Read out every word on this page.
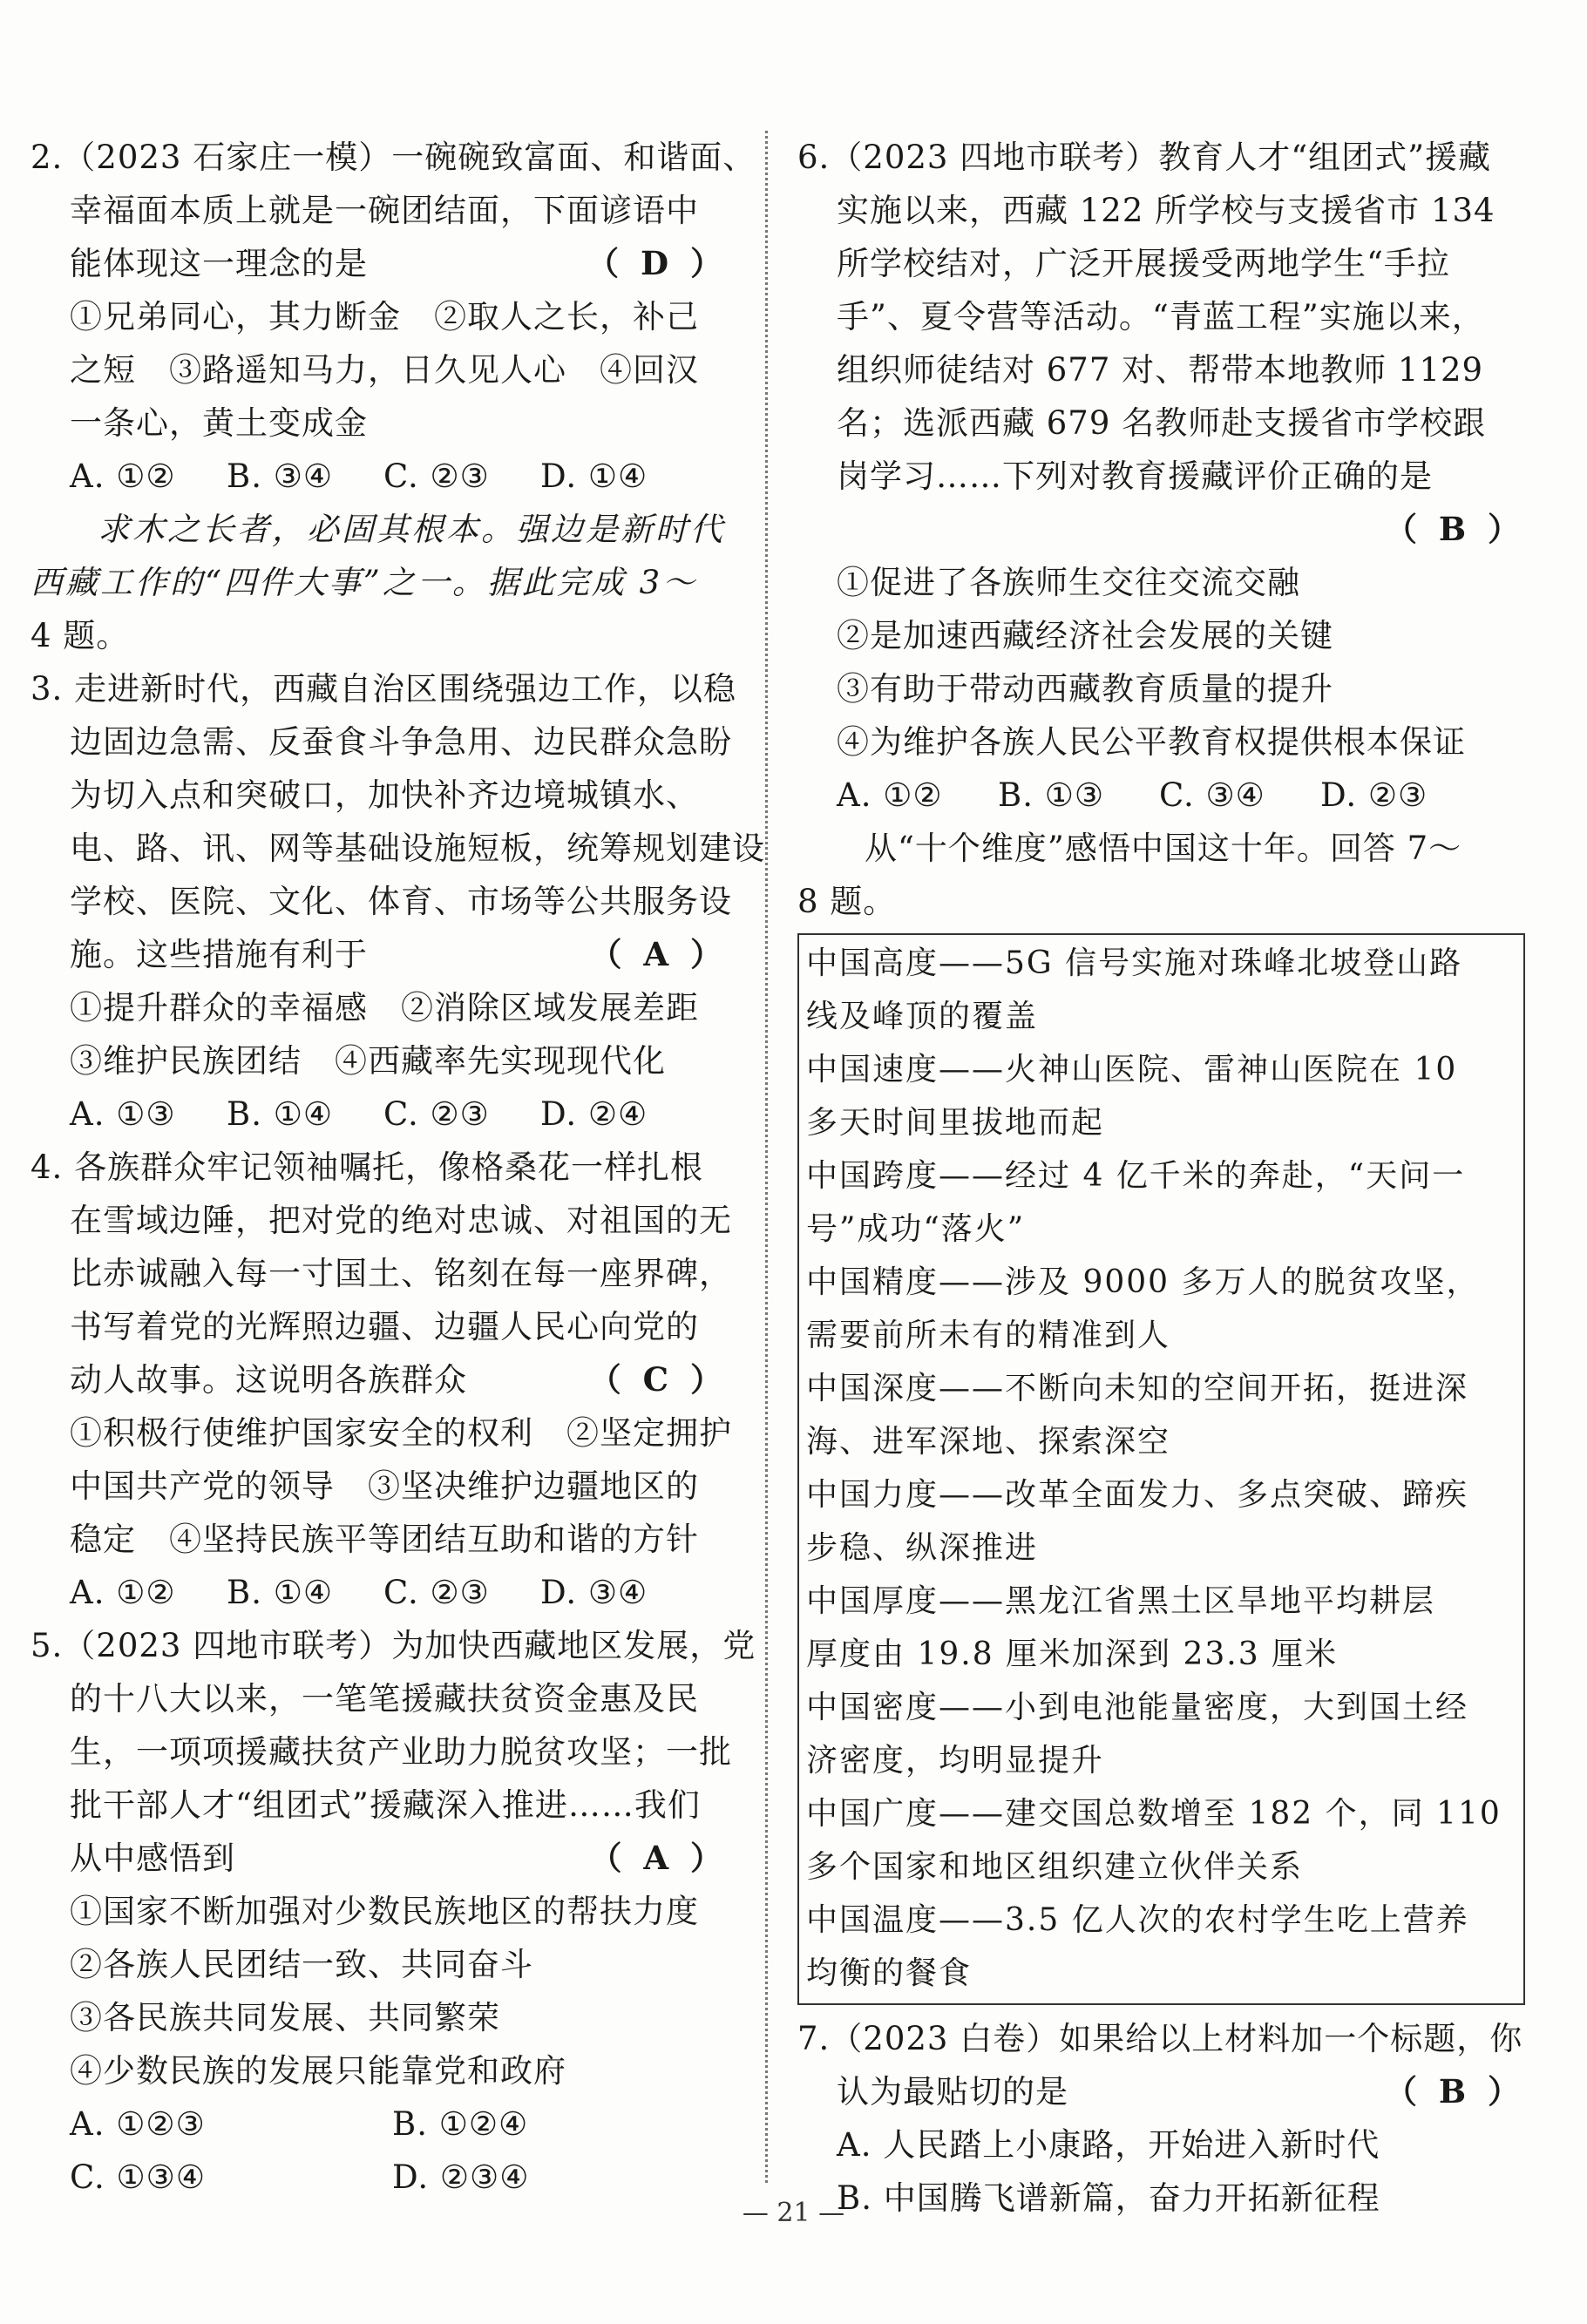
2.（2023 石家庄一模）一碗碗致富面、和谐面、
幸福面本质上就是一碗团结面，下面谚语中
能体现这一理念的是	（ D ）
①兄弟同心，其力断金　②取人之长，补己
之短　③路遥知马力，日久见人心　④回汉
一条心，黄土变成金
A. ①②	B. ③④	C. ②③	D. ①④
求木之长者，必固其根本。强边是新时代
西藏工作的“四件大事”之一。据此完成 3～
4 题。
3. 走进新时代，西藏自治区围绕强边工作，以稳
边固边急需、反蚕食斗争急用、边民群众急盼
为切入点和突破口，加快补齐边境城镇水、
电、路、讯、网等基础设施短板，统筹规划建设
学校、医院、文化、体育、市场等公共服务设
施。这些措施有利于	（ A ）
①提升群众的幸福感　②消除区域发展差距
③维护民族团结　④西藏率先实现现代化
A. ①③	B. ①④	C. ②③	D. ②④
4. 各族群众牢记领袖嘱托，像格桑花一样扎根
在雪域边陲，把对党的绝对忠诚、对祖国的无
比赤诚融入每一寸国土、铭刻在每一座界碑，
书写着党的光辉照边疆、边疆人民心向党的
动人故事。这说明各族群众	（ C ）
①积极行使维护国家安全的权利　②坚定拥护
中国共产党的领导　③坚决维护边疆地区的
稳定　④坚持民族平等团结互助和谐的方针
A. ①②	B. ①④	C. ②③	D. ③④
5.（2023 四地市联考）为加快西藏地区发展，党
的十八大以来，一笔笔援藏扶贫资金惠及民
生，一项项援藏扶贫产业助力脱贫攻坚；一批
批干部人才“组团式”援藏深入推进……我们
从中感悟到	（ A ）
①国家不断加强对少数民族地区的帮扶力度
②各族人民团结一致、共同奋斗
③各民族共同发展、共同繁荣
④少数民族的发展只能靠党和政府
A. ①②③	B. ①②④
C. ①③④	D. ②③④
6.（2023 四地市联考）教育人才“组团式”援藏
实施以来，西藏 122 所学校与支援省市 134
所学校结对，广泛开展援受两地学生“手拉
手”、夏令营等活动。“青蓝工程”实施以来，
组织师徒结对 677 对、帮带本地教师 1129
名；选派西藏 679 名教师赴支援省市学校跟
岗学习……下列对教育援藏评价正确的是
（ B ）
①促进了各族师生交往交流交融
②是加速西藏经济社会发展的关键
③有助于带动西藏教育质量的提升
④为维护各族人民公平教育权提供根本保证
A. ①②	B. ①③	C. ③④	D. ②③
从“十个维度”感悟中国这十年。回答 7～
8 题。
中国高度——5G 信号实施对珠峰北坡登山路
线及峰顶的覆盖
中国速度——火神山医院、雷神山医院在 10
多天时间里拔地而起
中国跨度——经过 4 亿千米的奔赴，“天问一
号”成功“落火”
中国精度——涉及 9000 多万人的脱贫攻坚，
需要前所未有的精准到人
中国深度——不断向未知的空间开拓，挺进深
海、进军深地、探索深空
中国力度——改革全面发力、多点突破、蹄疾
步稳、纵深推进
中国厚度——黑龙江省黑土区旱地平均耕层
厚度由 19.8 厘米加深到 23.3 厘米
中国密度——小到电池能量密度，大到国土经
济密度，均明显提升
中国广度——建交国总数增至 182 个，同 110
多个国家和地区组织建立伙伴关系
中国温度——3.5 亿人次的农村学生吃上营养
均衡的餐食
7.（2023 白卷）如果给以上材料加一个标题，你
认为最贴切的是	（ B ）
A. 人民踏上小康路，开始进入新时代
B. 中国腾飞谱新篇，奋力开拓新征程
— 21 —
